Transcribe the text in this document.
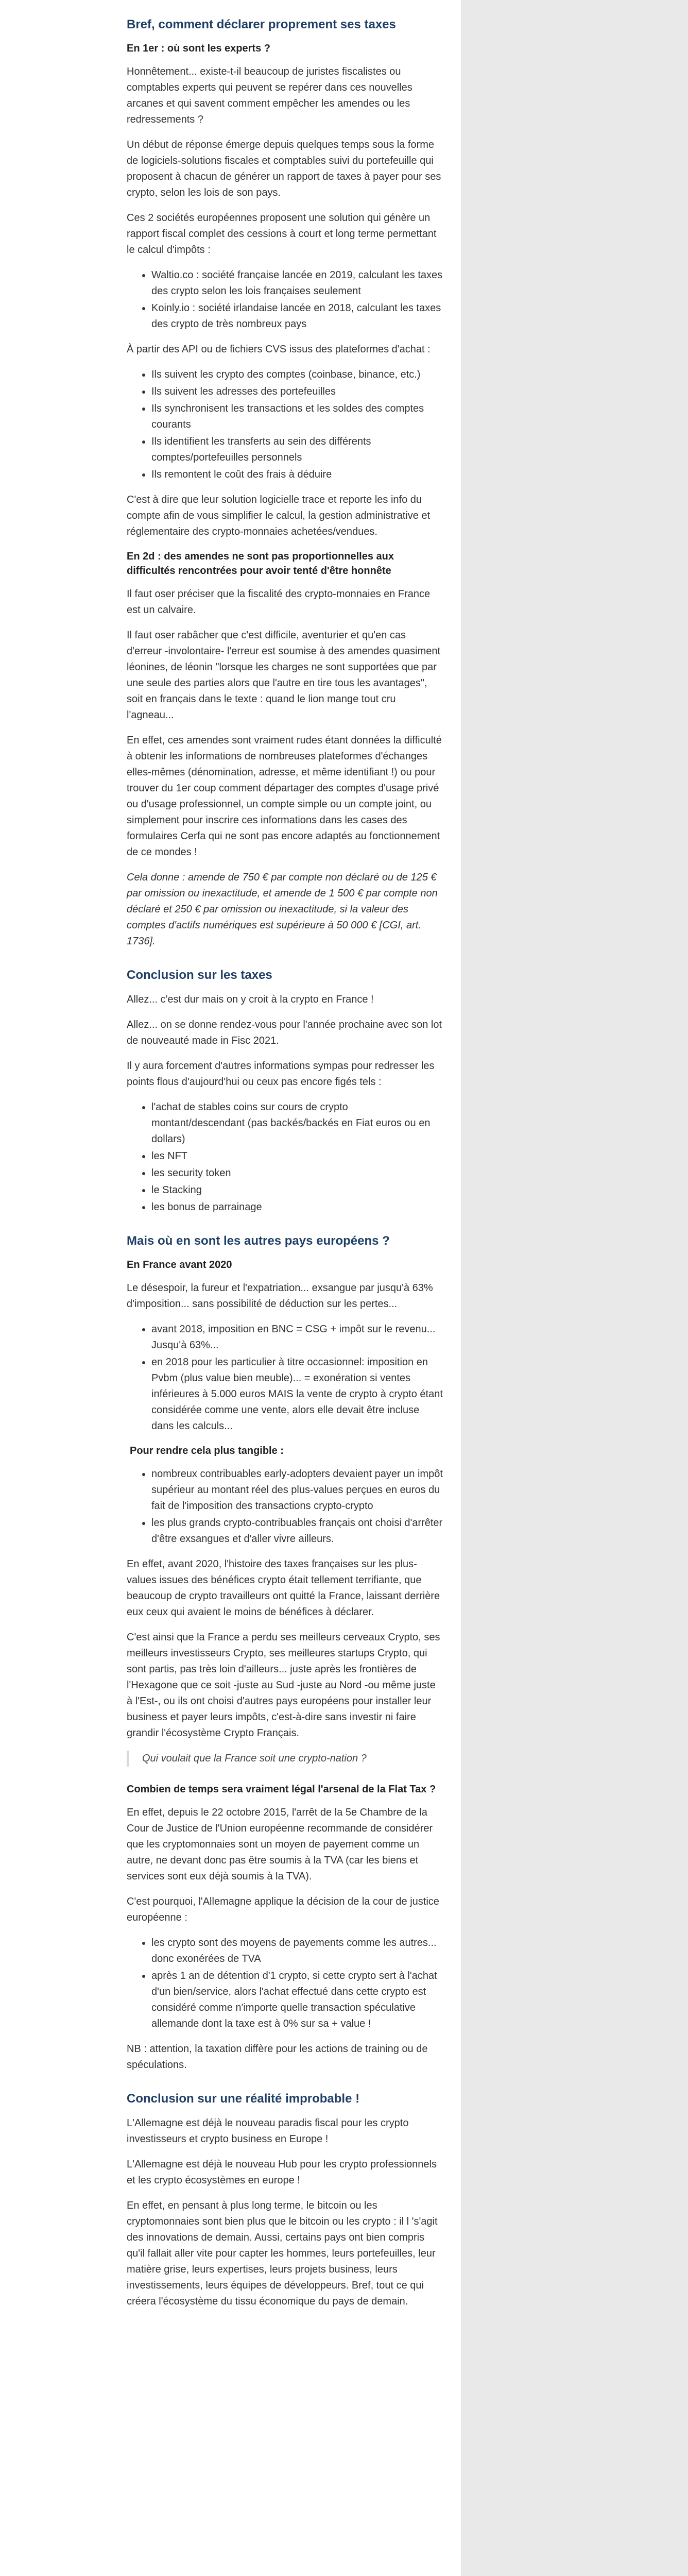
Bref, comment déclarer proprement ses taxes
En 1er : où sont les experts ?

Honnêtement... existe-t-il beaucoup de juristes fiscalistes ou comptables experts qui peuvent se repérer dans ces nouvelles arcanes et qui savent comment empêcher les amendes ou les redressements ?

Un début de réponse émerge depuis quelques temps sous la forme de logiciels-solutions fiscales et comptables suivi du portefeuille qui proposent à chacun de générer un rapport de taxes à payer pour ses crypto, selon les lois de son pays.

Ces 2 sociétés européennes proposent une solution qui génère un rapport fiscal complet des cessions à court et long terme permettant le calcul d'impôts :

• Waltio.co : société française lancée en 2019, calculant les taxes des crypto selon les lois françaises seulement
• Koinly.io : société irlandaise lancée en 2018, calculant les taxes des crypto de très nombreux pays

À partir des API ou de fichiers CVS issus des plateformes d'achat :

• Ils suivent les crypto des comptes (coinbase, binance, etc.)
• Ils suivent les adresses des portefeuilles
• Ils synchronisent les transactions et les soldes des comptes courants
• Ils identifient les transferts au sein des différents comptes/portefeuilles personnels
• Ils remontent le coût des frais à déduire

C'est à dire que leur solution logicielle trace et reporte les info du compte afin de vous simplifier le calcul, la gestion administrative et réglementaire des crypto-monnaies achetées/vendues.

En 2d : des amendes ne sont pas proportionnelles aux difficultés rencontrées pour avoir tenté d'être honnête

Il faut oser préciser que la fiscalité des crypto-monnaies en France est un calvaire.

Il faut oser rabâcher que c'est difficile, aventurier et qu'en cas d'erreur -involontaire- l'erreur est soumise à des amendes quasiment léonines, de léonin "lorsque les charges ne sont supportées que par une seule des parties alors que l'autre en tire tous les avantages", soit en français dans le texte : quand le lion mange tout cru l'agneau...

En effet, ces amendes sont vraiment rudes étant données la difficulté à obtenir les informations de nombreuses plateformes d'échanges elles-mêmes (dénomination, adresse, et même identifiant !) ou pour trouver du 1er coup comment départager des comptes d'usage privé ou d'usage professionnel, un compte simple ou un compte joint, ou simplement pour inscrire ces informations dans les cases des formulaires Cerfa qui ne sont pas encore adaptés au fonctionnement de ce mondes !

Cela donne : amende de 750 € par compte non déclaré ou de 125 € par omission ou inexactitude, et amende de 1 500 € par compte non déclaré et 250 € par omission ou inexactitude, si la valeur des comptes d'actifs numériques est supérieure à 50 000 € [CGI, art. 1736].

Conclusion sur les taxes

Allez... c'est dur mais on y croit à la crypto en France !

Allez... on se donne rendez-vous pour l'année prochaine avec son lot de nouveauté made in Fisc 2021.

Il y aura forcement d'autres informations sympas pour redresser les points flous d'aujourd'hui ou ceux pas encore figés tels :

• l'achat de stables coins sur cours de crypto montant/descendant (pas backés/backés en Fiat euros ou en dollars)
• les NFT
• les security token
• le Stacking
• les bonus de parrainage
Mais où en sont les autres pays européens ?
En France avant 2020

Le désespoir, la fureur et l'expatriation... exsangue par jusqu'à 63% d'imposition... sans possibilité de déduction sur les pertes...

• avant 2018, imposition en BNC = CSG + impôt sur le revenu... Jusqu'à 63%...
• en 2018 pour les particulier à titre occasionnel: imposition en Pvbm (plus value bien meuble)... = exonération si ventes inférieures à 5.000 euros MAIS la vente de crypto à crypto étant considérée comme une vente, alors elle devait être incluse dans les calculs...
Pour rendre cela plus tangible :
• nombreux contribuables early-adopters devaient payer un impôt supérieur au montant réel des plus-values perçues en euros du fait de l'imposition des transactions crypto-crypto
• les plus grands crypto-contribuables français ont choisi d'arrêter d'être exsangues et d'aller vivre ailleurs.

En effet, avant 2020, l'histoire des taxes françaises sur les plus-values issues des bénéfices crypto était tellement terrifiante, que beaucoup de crypto travailleurs ont quitté la France, laissant derrière eux ceux qui avaient le moins de bénéfices à déclarer.

C'est ainsi que la France a perdu ses meilleurs cerveaux Crypto, ses meilleurs investisseurs Crypto, ses meilleures startups Crypto, qui sont partis, pas très loin d'ailleurs... juste après les frontières de l'Hexagone que ce soit -juste au Sud -juste au Nord -ou même juste à l'Est-, ou ils ont choisi d'autres pays européens pour installer leur business et payer leurs impôts, c'est-à-dire sans investir ni faire grandir l'écosystème Crypto Français.

Qui voulait que la France soit une crypto-nation ?
Combien de temps sera vraiment légal l'arsenal de la Flat Tax ?

En effet, depuis le 22 octobre 2015, l'arrêt de la 5e Chambre de la Cour de Justice de l'Union européenne recommande de considérer que les cryptomonnaies sont un moyen de payement comme un autre, ne devant donc pas être soumis à la TVA (car les biens et services sont eux déjà soumis à la TVA).

C'est pourquoi, l'Allemagne applique la décision de la cour de justice européenne :

• les crypto sont des moyens de payements comme les autres... donc exonérées de TVA
• après 1 an de détention d'1 crypto, si cette crypto sert à l'achat d'un bien/service, alors l'achat effectué dans cette crypto est considéré comme n'importe quelle transaction spéculative allemande dont la taxe est à 0% sur sa + value !

NB : attention, la taxation diffère pour les actions de training ou de spéculations.

Conclusion sur une réalité improbable !

L'Allemagne est déjà le nouveau paradis fiscal pour les crypto investisseurs et crypto business en Europe !

L'Allemagne est déjà le nouveau Hub pour les crypto professionnels et les crypto écosystèmes en europe !

En effet, en pensant à plus long terme, le bitcoin ou les cryptomonnaies sont bien plus que le bitcoin ou les crypto : il l 's'agit des innovations de demain. Aussi, certains pays ont bien compris qu'il fallait aller vite pour capter les hommes, leurs portefeuilles, leur matière grise, leurs expertises, leurs projets business, leurs investissements, leurs équipes de développeurs. Bref, tout ce qui créera l'écosystème du tissu économique du pays de demain.
